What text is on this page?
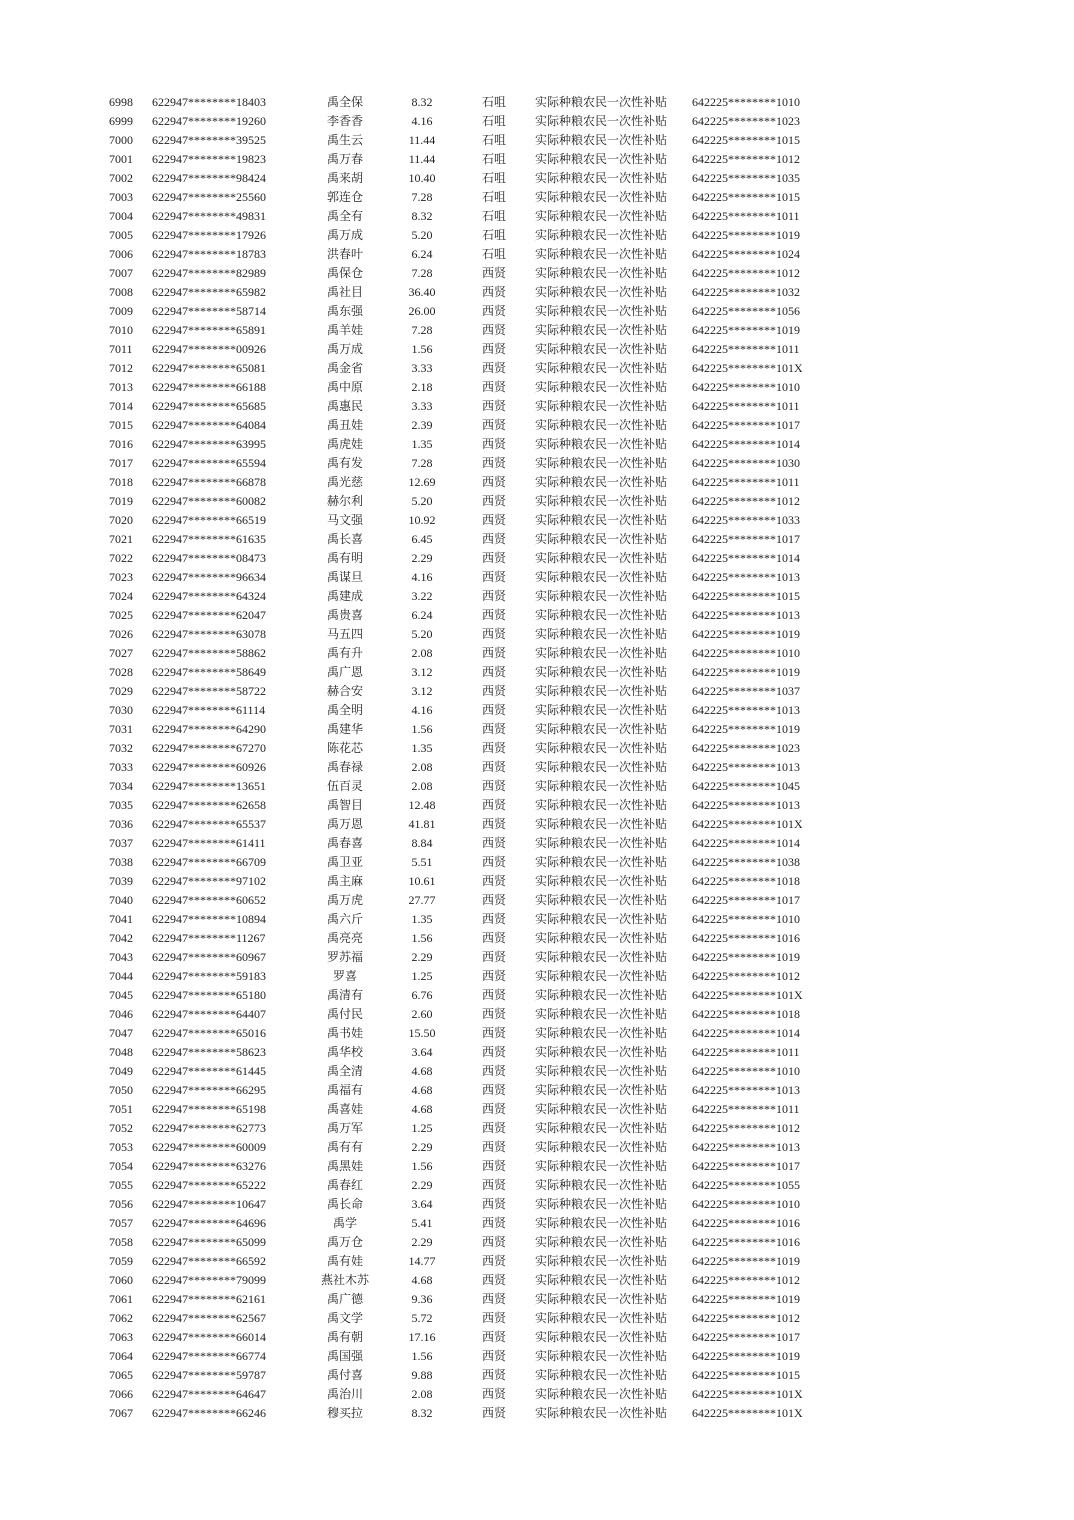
6998 622947********18403	禹全保	8.32	石咀 实际种粮农民一次性补贴 642225********1010
6999 622947********19260	李香香	4.16	石咀 实际种粮农民一次性补贴 642225********1023
7000 622947********39525	禹生云	11.44	石咀 实际种粮农民一次性补贴 642225********1015
7001 622947********19823	禹万春	11.44	石咀 实际种粮农民一次性补贴 642225********1012
7002 622947********98424	禹来胡	10.40	石咀 实际种粮农民一次性补贴 642225********1035
7003 622947********25560	郭连仓	7.28	石咀 实际种粮农民一次性补贴 642225********1015
7004 622947********49831	禹全有	8.32	石咀 实际种粮农民一次性补贴 642225********1011
7005 622947********17926	禹万成	5.20	石咀 实际种粮农民一次性补贴 642225********1019
7006 622947********18783	洪春叶	6.24	石咀 实际种粮农民一次性补贴 642225********1024
7007 622947********82989	禹保仓	7.28	西贤 实际种粮农民一次性补贴 642225********1012
7008 622947********65982	禹社目	36.40	西贤 实际种粮农民一次性补贴 642225********1032
7009 622947********58714	禹东强	26.00	西贤 实际种粮农民一次性补贴 642225********1056
7010 622947********65891	禹羊娃	7.28	西贤 实际种粮农民一次性补贴 642225********1019
7011 622947********00926	禹万成	1.56	西贤 实际种粮农民一次性补贴 642225********1011
7012 622947********65081	禹金省	3.33	西贤 实际种粮农民一次性补贴 642225********101X
7013 622947********66188	禹中原	2.18	西贤 实际种粮农民一次性补贴 642225********1010
7014 622947********65685	禹惠民	3.33	西贤 实际种粮农民一次性补贴 642225********1011
7015 622947********64084	禹丑娃	2.39	西贤 实际种粮农民一次性补贴 642225********1017
7016 622947********63995	禹虎娃	1.35	西贤 实际种粮农民一次性补贴 642225********1014
7017 622947********65594	禹有发	7.28	西贤 实际种粮农民一次性补贴 642225********1030
7018 622947********66878	禹光慈	12.69	西贤 实际种粮农民一次性补贴 642225********1011
7019 622947********60082	赫尔利	5.20	西贤 实际种粮农民一次性补贴 642225********1012
7020 622947********66519	马文强	10.92	西贤 实际种粮农民一次性补贴 642225********1033
7021 622947********61635	禹长喜	6.45	西贤 实际种粮农民一次性补贴 642225********1017
7022 622947********08473	禹有明	2.29	西贤 实际种粮农民一次性补贴 642225********1014
7023 622947********96634	禹谋旦	4.16	西贤 实际种粮农民一次性补贴 642225********1013
7024 622947********64324	禹建成	3.22	西贤 实际种粮农民一次性补贴 642225********1015
7025 622947********62047	禹贵喜	6.24	西贤 实际种粮农民一次性补贴 642225********1013
7026 622947********63078	马五四	5.20	西贤 实际种粮农民一次性补贴 642225********1019
7027 622947********58862	禹有升	2.08	西贤 实际种粮农民一次性补贴 642225********1010
7028 622947********58649	禹广恩	3.12	西贤 实际种粮农民一次性补贴 642225********1019
7029 622947********58722	赫合安	3.12	西贤 实际种粮农民一次性补贴 642225********1037
7030 622947********61114	禹全明	4.16	西贤 实际种粮农民一次性补贴 642225********1013
7031 622947********64290	禹建华	1.56	西贤 实际种粮农民一次性补贴 642225********1019
7032 622947********67270	陈花芯	1.35	西贤 实际种粮农民一次性补贴 642225********1023
7033 622947********60926	禹春禄	2.08	西贤 实际种粮农民一次性补贴 642225********1013
7034 622947********13651	伍百灵	2.08	西贤 实际种粮农民一次性补贴 642225********1045
7035 622947********62658	禹智目	12.48	西贤 实际种粮农民一次性补贴 642225********1013
7036 622947********65537	禹万恩	41.81	西贤 实际种粮农民一次性补贴 642225********101X
7037 622947********61411	禹春喜	8.84	西贤 实际种粮农民一次性补贴 642225********1014
7038 622947********66709	禹卫亚	5.51	西贤 实际种粮农民一次性补贴 642225********1038
7039 622947********97102	禹主麻	10.61	西贤 实际种粮农民一次性补贴 642225********1018
7040 622947********60652	禹万虎	27.77	西贤 实际种粮农民一次性补贴 642225********1017
7041 622947********10894	禹六斤	1.35	西贤 实际种粮农民一次性补贴 642225********1010
7042 622947********11267	禹亮亮	1.56	西贤 实际种粮农民一次性补贴 642225********1016
7043 622947********60967	罗苏福	2.29	西贤 实际种粮农民一次性补贴 642225********1019
7044 622947********59183	罗喜	1.25	西贤 实际种粮农民一次性补贴 642225********1012
7045 622947********65180	禹清有	6.76	西贤 实际种粮农民一次性补贴 642225********101X
7046 622947********64407	禹付民	2.60	西贤 实际种粮农民一次性补贴 642225********1018
7047 622947********65016	禹书娃	15.50	西贤 实际种粮农民一次性补贴 642225********1014
7048 622947********58623	禹华校	3.64	西贤 实际种粮农民一次性补贴 642225********1011
7049 622947********61445	禹全清	4.68	西贤 实际种粮农民一次性补贴 642225********1010
7050 622947********66295	禹福有	4.68	西贤 实际种粮农民一次性补贴 642225********1013
7051 622947********65198	禹喜娃	4.68	西贤 实际种粮农民一次性补贴 642225********1011
7052 622947********62773	禹万军	1.25	西贤 实际种粮农民一次性补贴 642225********1012
7053 622947********60009	禹有有	2.29	西贤 实际种粮农民一次性补贴 642225********1013
7054 622947********63276	禹黑娃	1.56	西贤 实际种粮农民一次性补贴 642225********1017
7055 622947********65222	禹春红	2.29	西贤 实际种粮农民一次性补贴 642225********1055
7056 622947********10647	禹长命	3.64	西贤 实际种粮农民一次性补贴 642225********1010
7057 622947********64696	禹学	5.41	西贤 实际种粮农民一次性补贴 642225********1016
7058 622947********65099	禹万仓	2.29	西贤 实际种粮农民一次性补贴 642225********1016
7059 622947********66592	禹有娃	14.77	西贤 实际种粮农民一次性补贴 642225********1019
7060 622947********79099	燕社木苏	4.68	西贤 实际种粮农民一次性补贴 642225********1012
7061 622947********62161	禹广德	9.36	西贤 实际种粮农民一次性补贴 642225********1019
7062 622947********62567	禹文学	5.72	西贤 实际种粮农民一次性补贴 642225********1012
7063 622947********66014	禹有朝	17.16	西贤 实际种粮农民一次性补贴 642225********1017
7064 622947********66774	禹国强	1.56	西贤 实际种粮农民一次性补贴 642225********1019
7065 622947********59787	禹付喜	9.88	西贤 实际种粮农民一次性补贴 642225********1015
7066 622947********64647	禹治川	2.08	西贤 实际种粮农民一次性补贴 642225********101X
7067 622947********66246	穆买拉	8.32	西贤 实际种粮农民一次性补贴 642225********101X
